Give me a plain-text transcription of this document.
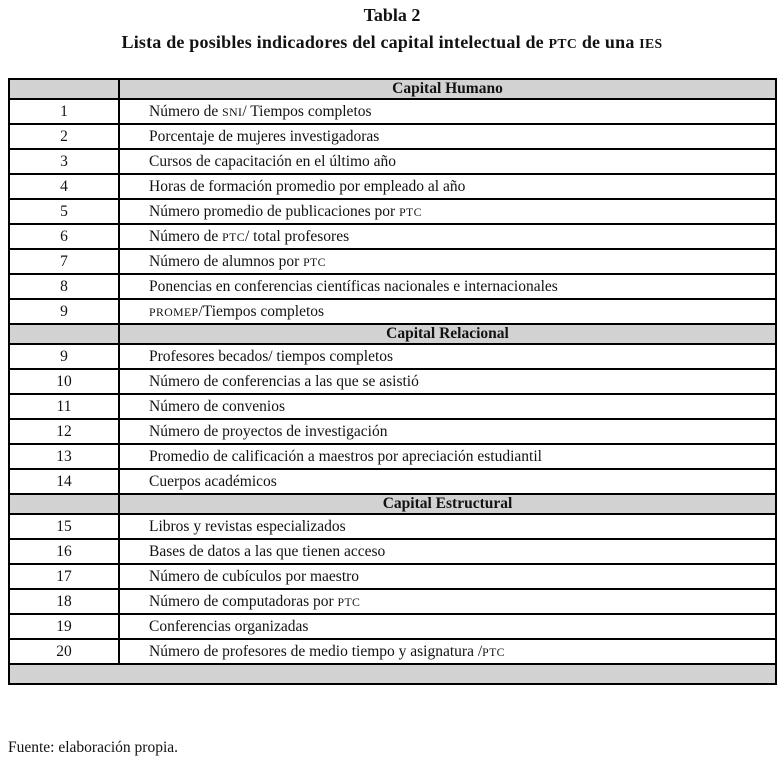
Tabla 2
Lista de posibles indicadores del capital intelectual de PTC de una IES
	Capital Humano
1	Número de SNI/ Tiempos completos
2	Porcentaje de mujeres investigadoras
3	Cursos de capacitación en el último año
4	Horas de formación promedio por empleado al año
5	Número promedio de publicaciones por PTC
6	Número de PTC/ total profesores
7	Número de alumnos por PTC
8	Ponencias en conferencias científicas nacionales e internacionales
9	PROMEP/Tiempos completos
	Capital Relacional
9	Profesores becados/ tiempos completos
10	Número de conferencias a las que se asistió
11	Número de convenios
12	Número de proyectos de investigación
13	Promedio de calificación a maestros por apreciación estudiantil
14	Cuerpos académicos
	Capital Estructural
15	Libros y revistas especializados
16	Bases de datos a las que tienen acceso
17	Número de cubículos por maestro
18	Número de computadoras por PTC
19	Conferencias organizadas
20	Número de profesores de medio tiempo y asignatura /PTC

Fuente: elaboración propia.
